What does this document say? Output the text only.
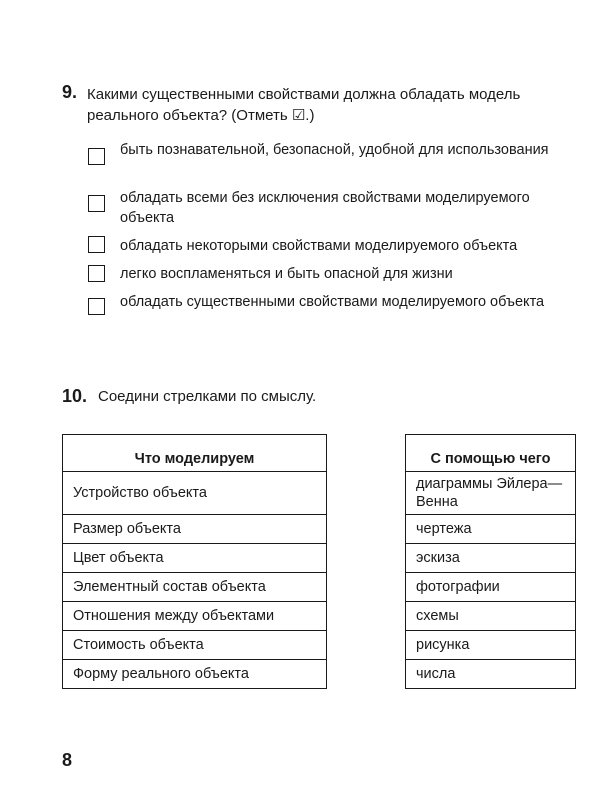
9. Какими существенными свойствами должна обладать модель реального объекта? (Отметь ☑.)
быть познавательной, безопасной, удобной для использования
обладать всеми без исключения свойствами моделируемого объекта
обладать некоторыми свойствами моделируемого объекта
легко воспламеняться и быть опасной для жизни
обладать существенными свойствами моделируемого объекта
10. Соедини стрелками по смыслу.
Что моделируем
Устройство объекта
Размер объекта
Цвет объекта
Элементный состав объекта
Отношения между объектами
Стоимость объекта
Форму реального объекта
С помощью чего
диаграммы Эйлера—Венна
чертежа
эскиза
фотографии
схемы
рисунка
числа
8
